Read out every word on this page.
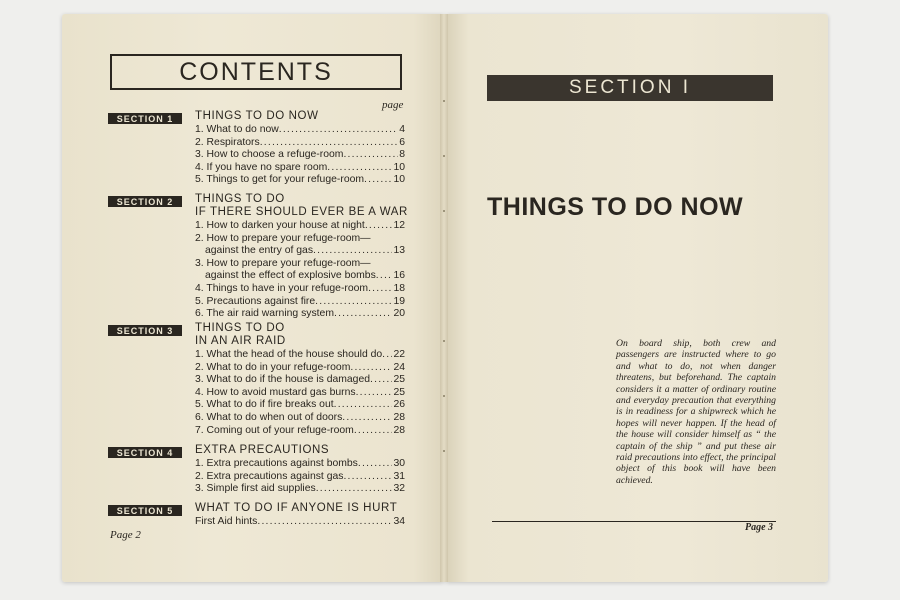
CONTENTS
page
SECTION 1	THINGS TO DO NOW
1. What to do now .....	4
2. Respirators .....	6
3. How to choose a refuge-room .....	8
4. If you have no spare room .....	10
5. Things to get for your refuge-room .....	10
SECTION 2	THINGS TO DO
IF THERE SHOULD EVER BE A WAR
1. How to darken your house at night .....	12
2. How to prepare your refuge-room—
against the entry of gas .....	13
3. How to prepare your refuge-room—
against the effect of explosive bombs ..... 16
4. Things to have in your refuge-room ..... 18
5. Precautions against fire .....	19
6. The air raid warning system .....	20
SECTION 3	THINGS TO DO
IN AN AIR RAID
1. What the head of the house should do ..... 22
2. What to do in your refuge-room .....	24
3. What to do if the house is damaged ..... 25
4. How to avoid mustard gas burns .....	25
5. What to do if fire breaks out .....	26
6. What to do when out of doors .....	28
7. Coming out of your refuge-room .....	28
SECTION 4	EXTRA PRECAUTIONS
1. Extra precautions against bombs .....	30
2. Extra precautions against gas .....	31
3. Simple first aid supplies .....	32
SECTION 5	WHAT TO DO IF ANYONE IS HURT
First Aid hints .....	34
Page 2
SECTION I
THINGS TO DO NOW
On board ship, both crew and passengers are instructed where to go and what to do, not when danger threatens, but beforehand. The captain considers it a matter of ordinary routine and everyday precaution that everything is in readiness for a shipwreck which he hopes will never happen. If the head of the house will consider himself as “ the captain of the ship ” and put these air raid precautions into effect, the principal object of this book will have been achieved.
Page 3
